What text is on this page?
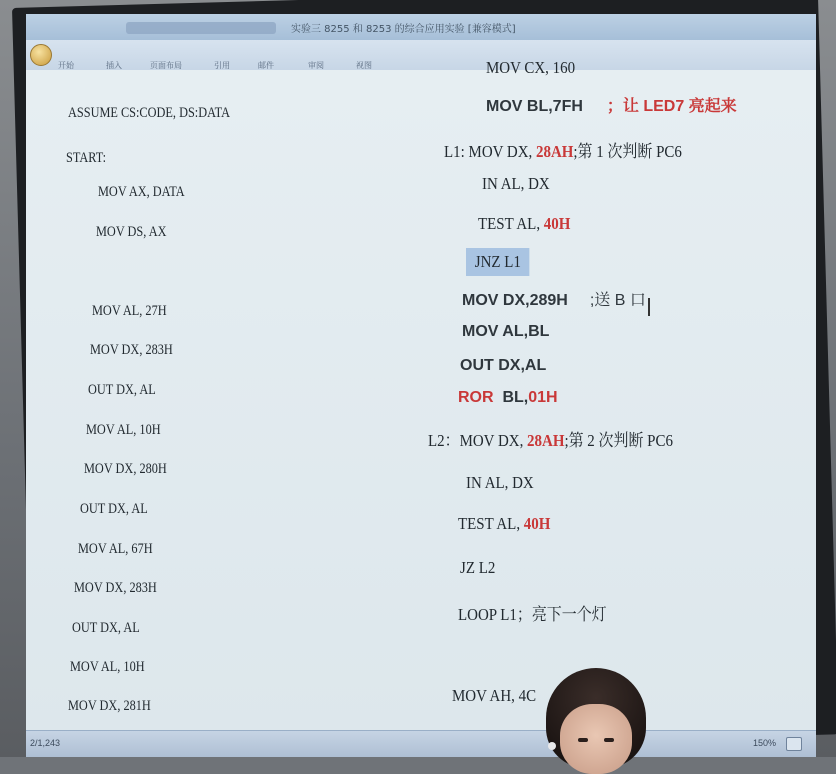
实验三 8255 和 8253 的综合应用实验 [兼容模式]
开始	插入	页面布局	引用	邮件	审阅	视图
ASSUME CS:CODE, DS:DATA
START:
MOV AX, DATA
MOV DS, AX
MOV AL, 27H
MOV DX, 283H
OUT DX, AL
MOV AL, 10H
MOV DX, 280H
OUT DX, AL
MOV AL, 67H
MOV DX, 283H
OUT DX, AL
MOV AL, 10H
MOV DX, 281H
MOV CX, 160
MOV BL,7FH ；让 LED7 亮起来
L1: MOV DX, 28AH;第 1 次判断 PC6
IN AL, DX
TEST AL, 40H
JNZ L1
MOV DX,289H ;送 B 口
MOV AL,BL
OUT DX,AL
ROR  BL,01H
L2：MOV DX, 28AH;第 2 次判断 PC6
IN AL, DX
TEST AL, 40H
JZ L2
LOOP L1；亮下一个灯
MOV AH, 4C
2/1,243	150%
